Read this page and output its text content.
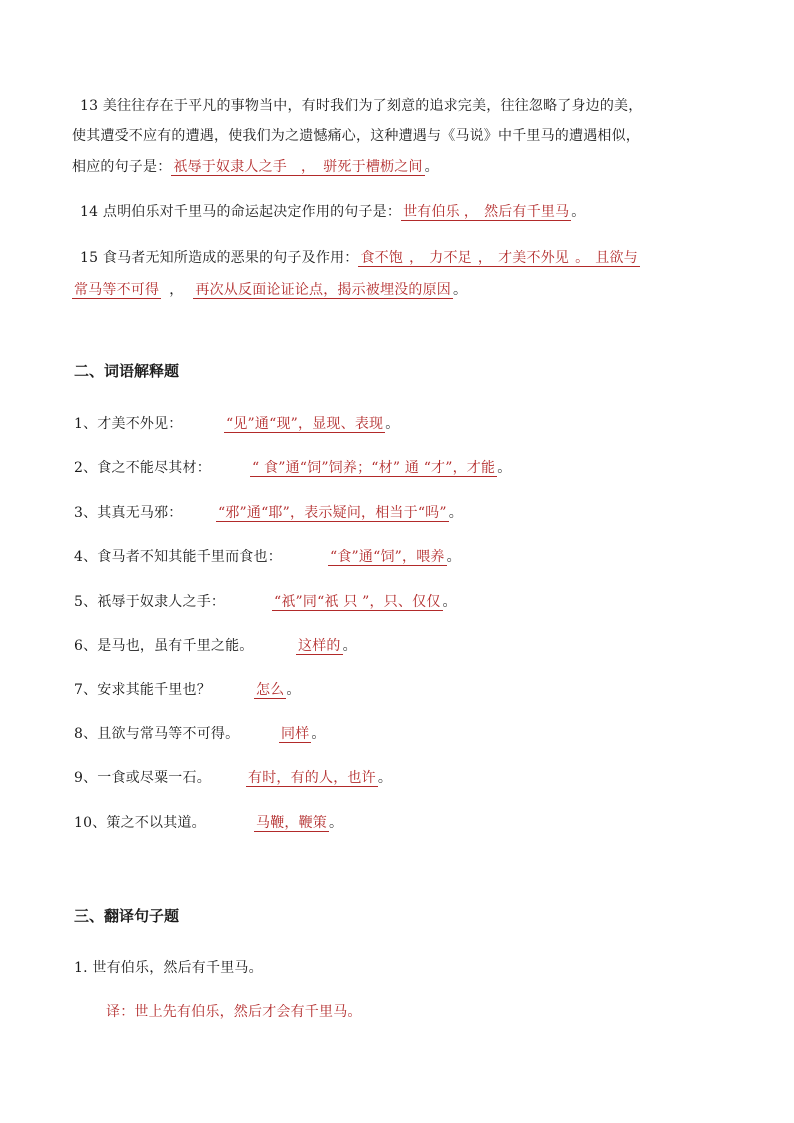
13 美往往存在于平凡的事物当中，有时我们为了刻意的追求完美，往往忽略了身边的美，
使其遭受不应有的遭遇，使我们为之遗憾痛心，这种遭遇与《马说》中千里马的遭遇相似，
相应的句子是： 祇辱于奴隶人之手 ， 骈死于槽枥之间 。
14 点明伯乐对千里马的命运起决定作用的句子是： 世有伯乐 ， 然后有千里马 。
15 食马者无知所造成的恶果的句子及作用： 食不饱 ， 力不足 ， 才美不外见 。 且欲与
常马等不可得 ， 再次从反面论证论点，揭示被埋没的原因 。
二、词语解释题
1、才美不外见：	“见”通“现”，显现、表现 。
2、食之不能尽其材：	“ 食”通“饲”饲养；“材” 通 “才”，才能 。
3、其真无马邪：	“邪”通“耶”，表示疑问，相当于“吗” 。
4、食马者不知其能千里而食也：	“食”通“饲”，喂养 。
5、祇辱于奴隶人之手：	“祇”同“祇 只 ”，只、仅仅 。
6、是马也，虽有千里之能。	这样的 。
7、安求其能千里也？	怎么 。
8、且欲与常马等不可得。	同样 。
9、一食或尽粟一石。	有时，有的人，也许 。
10、策之不以其道。	马鞭，鞭策 。
三、翻译句子题
1. 世有伯乐，然后有千里马。
译：世上先有伯乐，然后才会有千里马。
